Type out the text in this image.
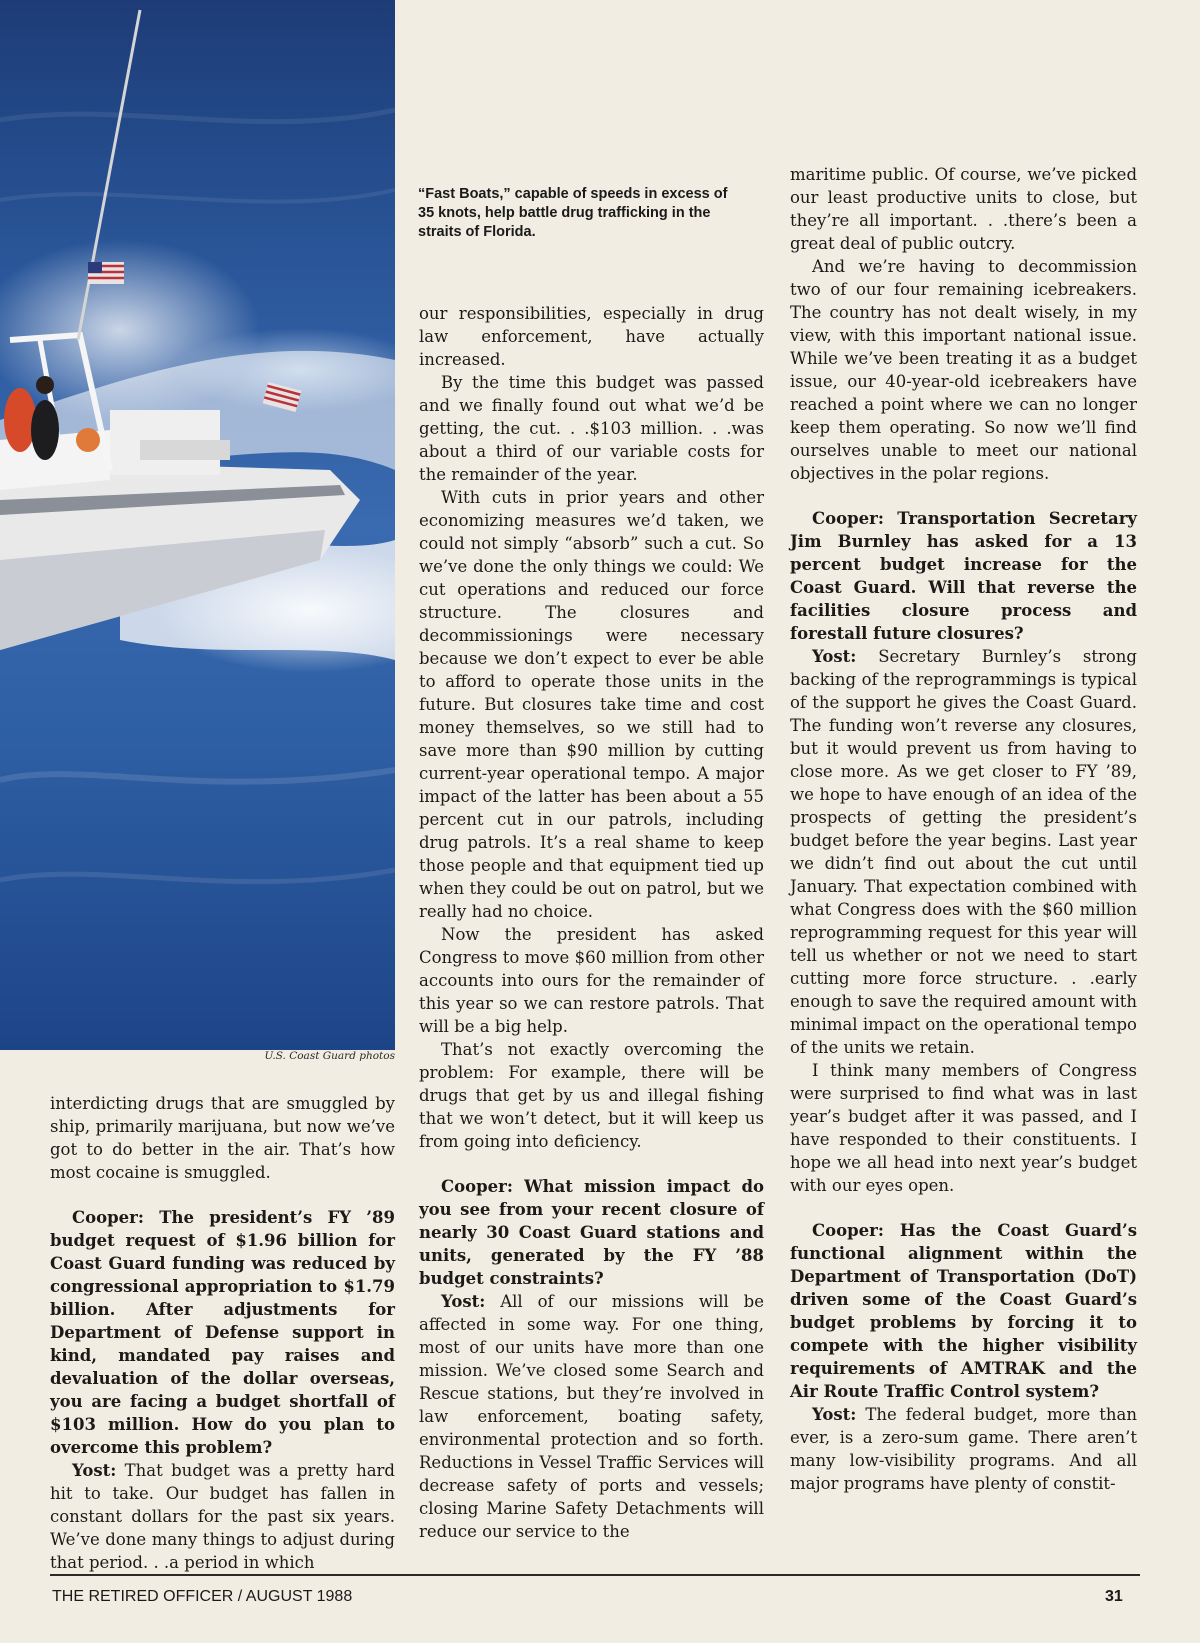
U.S. Coast Guard photos
“Fast Boats,” capable of speeds in excess of 35 knots, help battle drug trafficking in the straits of Florida.

interdicting drugs that are smuggled by ship, primarily marijuana, but now we’ve got to do better in the air. That’s how most cocaine is smuggled.

Cooper: The president’s FY ’89 budget request of $1.96 billion for Coast Guard funding was reduced by congressional appropriation to $1.79 billion. After adjustments for Department of Defense support in kind, mandated pay raises and devaluation of the dollar overseas, you are facing a budget shortfall of $103 million. How do you plan to overcome this problem?

Yost: That budget was a pretty hard hit to take. Our budget has fallen in constant dollars for the past six years. We’ve done many things to adjust during that period. . .a period in which

our responsibilities, especially in drug law enforcement, have actually increased.

By the time this budget was passed and we finally found out what we’d be getting, the cut. . .$103 million. . .was about a third of our variable costs for the remainder of the year.

With cuts in prior years and other economizing measures we’d taken, we could not simply “absorb” such a cut. So we’ve done the only things we could: We cut operations and reduced our force structure. The closures and decommissionings were necessary because we don’t expect to ever be able to afford to operate those units in the future. But closures take time and cost money themselves, so we still had to save more than $90 million by cutting current-year operational tempo. A major impact of the latter has been about a 55 percent cut in our patrols, including drug patrols. It’s a real shame to keep those people and that equipment tied up when they could be out on patrol, but we really had no choice.

Now the president has asked Congress to move $60 million from other accounts into ours for the remainder of this year so we can restore patrols. That will be a big help.

That’s not exactly overcoming the problem: For example, there will be drugs that get by us and illegal fishing that we won’t detect, but it will keep us from going into deficiency.

Cooper: What mission impact do you see from your recent closure of nearly 30 Coast Guard stations and units, generated by the FY ’88 budget constraints?

Yost: All of our missions will be affected in some way. For one thing, most of our units have more than one mission. We’ve closed some Search and Rescue stations, but they’re involved in law enforcement, boating safety, environmental protection and so forth. Reductions in Vessel Traffic Services will decrease safety of ports and vessels; closing Marine Safety Detachments will reduce our service to the

maritime public. Of course, we’ve picked our least productive units to close, but they’re all important. . .there’s been a great deal of public outcry.

And we’re having to decommission two of our four remaining icebreakers. The country has not dealt wisely, in my view, with this important national issue. While we’ve been treating it as a budget issue, our 40-year-old icebreakers have reached a point where we can no longer keep them operating. So now we’ll find ourselves unable to meet our national objectives in the polar regions.

Cooper: Transportation Secretary Jim Burnley has asked for a 13 percent budget increase for the Coast Guard. Will that reverse the facilities closure process and forestall future closures?

Yost: Secretary Burnley’s strong backing of the reprogrammings is typical of the support he gives the Coast Guard. The funding won’t reverse any closures, but it would prevent us from having to close more. As we get closer to FY ’89, we hope to have enough of an idea of the prospects of getting the president’s budget before the year begins. Last year we didn’t find out about the cut until January. That expectation combined with what Congress does with the $60 million reprogramming request for this year will tell us whether or not we need to start cutting more force structure. . .early enough to save the required amount with minimal impact on the operational tempo of the units we retain.

I think many members of Congress were surprised to find what was in last year’s budget after it was passed, and I have responded to their constituents. I hope we all head into next year’s budget with our eyes open.

Cooper: Has the Coast Guard’s functional alignment within the Department of Transportation (DoT) driven some of the Coast Guard’s budget problems by forcing it to compete with the higher visibility requirements of AMTRAK and the Air Route Traffic Control system?

Yost: The federal budget, more than ever, is a zero-sum game. There aren’t many low-visibility programs. And all major programs have plenty of constit-

THE RETIRED OFFICER / AUGUST 1988	31
